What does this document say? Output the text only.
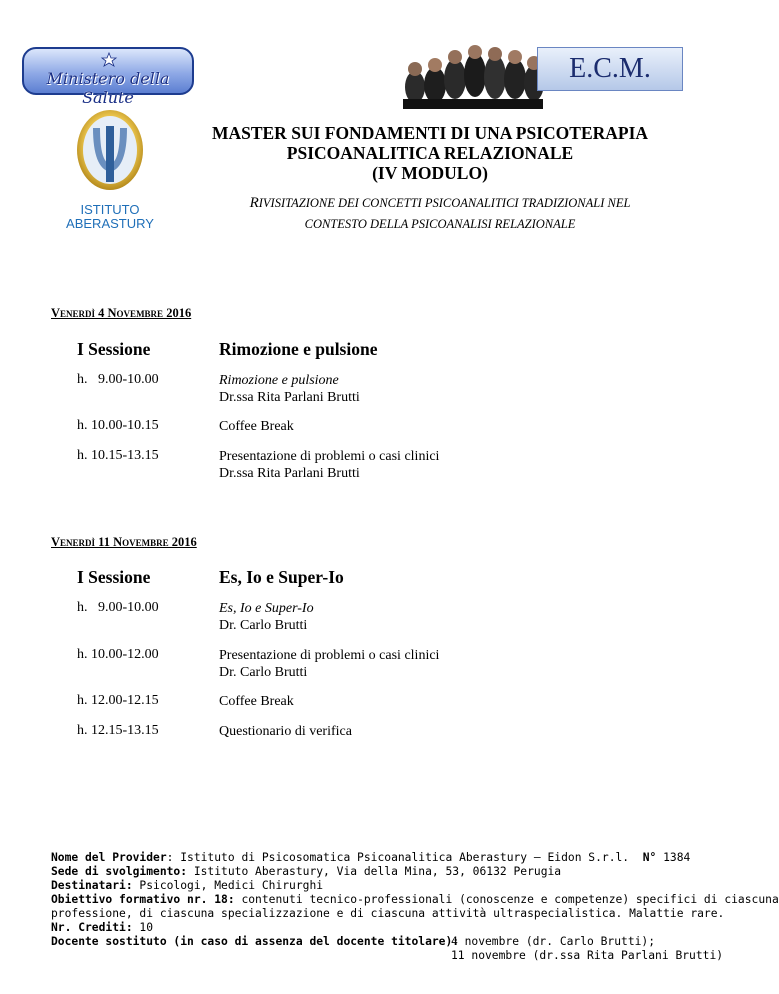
Ministero della Salute
E.C.M.
ISTITUTO
ABERASTURY
MASTER SUI FONDAMENTI DI UNA PSICOTERAPIA
PSICOANALITICA RELAZIONALE
(IV MODULO)
RIVISITAZIONE DEI CONCETTI PSICOANALITICI TRADIZIONALI NEL
CONTESTO DELLA PSICOANALISI RELAZIONALE
Venerdì 4 Novembre 2016
I Sessione	Rimozione e pulsione
h.   9.00-10.00	Rimozione e pulsione
Dr.ssa Rita Parlani Brutti
h. 10.00-10.15	Coffee Break
h. 10.15-13.15	Presentazione di problemi o casi clinici
Dr.ssa Rita Parlani Brutti
Venerdì 11 Novembre 2016
I Sessione	Es, Io e Super-Io
h.   9.00-10.00	Es, Io e Super-Io
Dr. Carlo Brutti
h. 10.00-12.00	Presentazione di problemi o casi clinici
Dr. Carlo Brutti
h. 12.00-12.15	Coffee Break
h. 12.15-13.15	Questionario di verifica
Nome del Provider: Istituto di Psicosomatica Psicoanalitica Aberastury – Eidon S.r.l.  N° 1384
Sede di svolgimento: Istituto Aberastury, Via della Mina, 53, 06132 Perugia
Destinatari: Psicologi, Medici Chirurghi
Obiettivo formativo nr. 18: contenuti tecnico-professionali (conoscenze e competenze) specifici di ciascuna
professione, di ciascuna specializzazione e di ciascuna attività ultraspecialistica. Malattie rare.
Nr. Crediti: 10
Docente sostituto (in caso di assenza del docente titolare):
4 novembre (dr. Carlo Brutti);
11 novembre (dr.ssa Rita Parlani Brutti)
